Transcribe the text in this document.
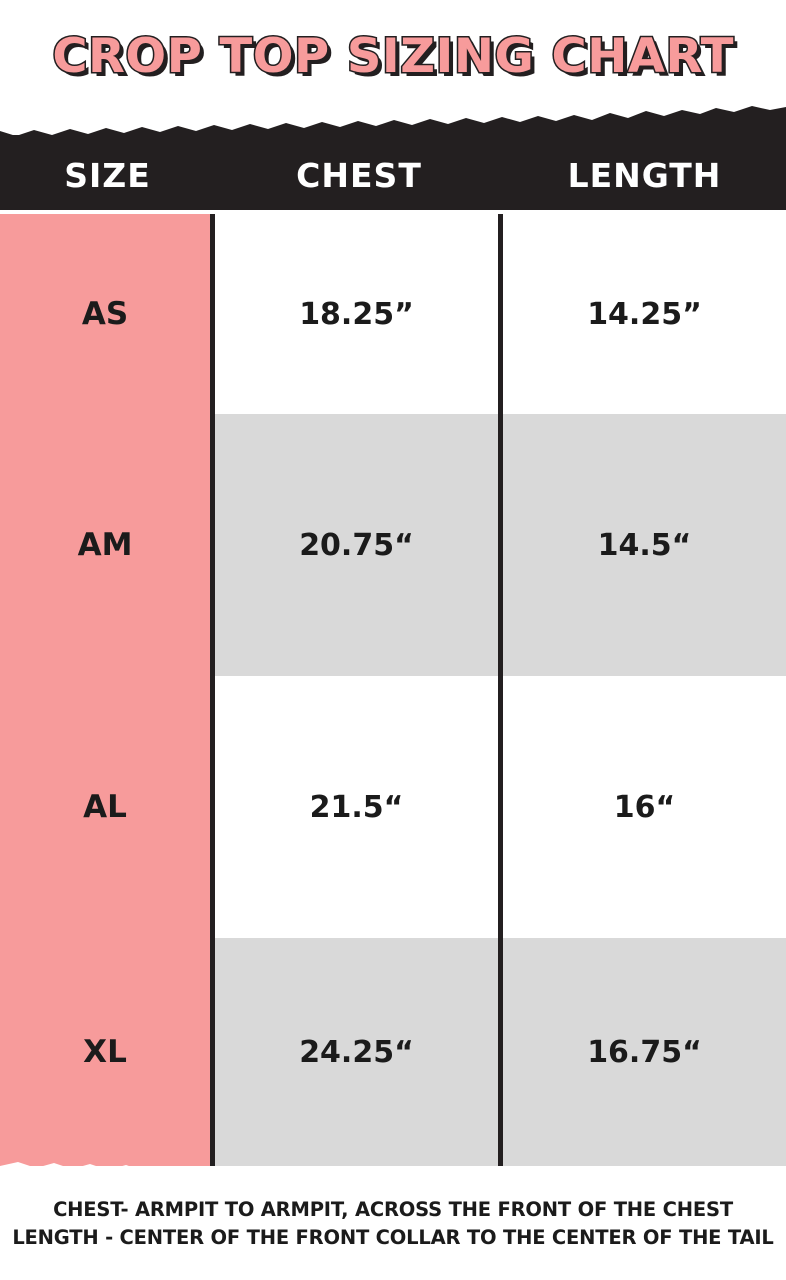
CROP TOP SIZING CHART
SIZE	CHEST	LENGTH
AS	18.25”	14.25”
AM	20.75“	14.5“
AL	21.5“	16“
XL	24.25“	16.75“
CHEST- ARMPIT TO ARMPIT, ACROSS THE FRONT OF THE CHEST
LENGTH - CENTER OF THE FRONT COLLAR TO THE CENTER OF THE TAIL
